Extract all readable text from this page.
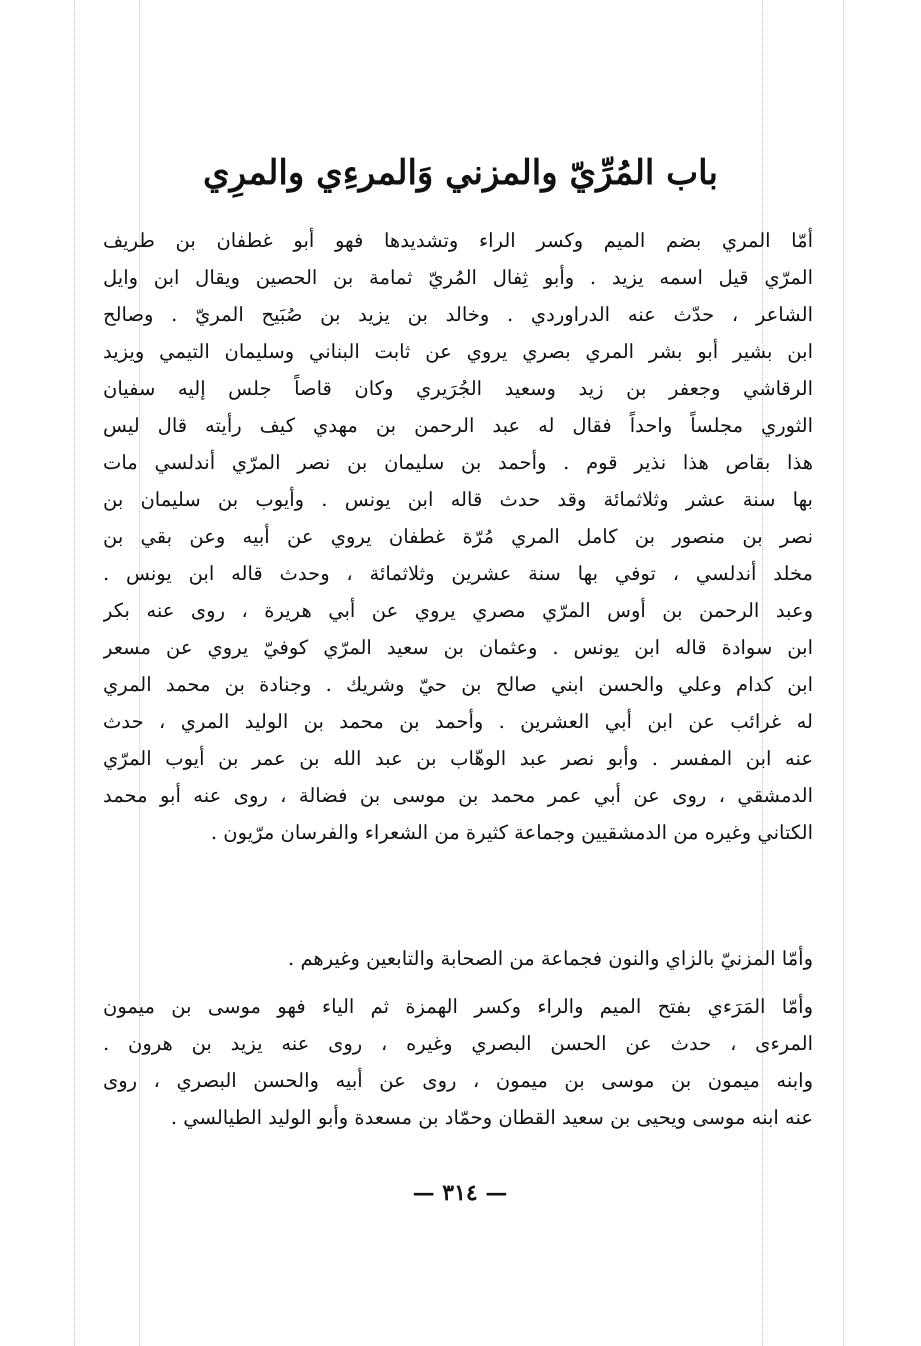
باب المُرِّيّ والمزني وَالمرءِي والمرِي
أمّا المري بضم الميم وكسر الراء وتشديدها فهو أبو غطفان بن طريف
المرّي قيل اسمه يزيد . وأبو ثِفال المُريّ ثمامة بن الحصين ويقال ابن وايل
الشاعر ، حدّث عنه الدراوردي . وخالد بن يزيد بن صُبَيح المريّ . وصالح
ابن بشير أبو بشر المري بصري يروي عن ثابت البناني وسليمان التيمي ويزيد
الرقاشي وجعفر بن زيد وسعيد الجُرَيري وكان قاصاً جلس إليه سفيان
الثوري مجلساً واحداً فقال له عبد الرحمن بن مهدي كيف رأيته قال ليس
هذا بقاص هذا نذير قوم . وأحمد بن سليمان بن نصر المرّي أندلسي مات
بها سنة عشر وثلاثمائة وقد حدث قاله ابن يونس . وأيوب بن سليمان بن
نصر بن منصور بن كامل المري مُرّة غطفان يروي عن أبيه وعن بقي بن
مخلد أندلسي ، توفي بها سنة عشرين وثلاثمائة ، وحدث قاله ابن يونس .
وعبد الرحمن بن أوس المرّي مصري يروي عن أبي هريرة ، روى عنه بكر
ابن سوادة قاله ابن يونس . وعثمان بن سعيد المرّي كوفيّ يروي عن مسعر
ابن كدام وعلي والحسن ابني صالح بن حيّ وشريك . وجنادة بن محمد المري
له غرائب عن ابن أبي العشرين . وأحمد بن محمد بن الوليد المري ، حدث
عنه ابن المفسر . وأبو نصر عبد الوهّاب بن عبد الله بن عمر بن أيوب المرّي
الدمشقي ، روى عن أبي عمر محمد بن موسى بن فضالة ، روى عنه أبو محمد
الكتاني وغيره من الدمشقيين وجماعة كثيرة من الشعراء والفرسان مرّيون .
وأمّا المزنيّ بالزاي والنون فجماعة من الصحابة والتابعين وغيرهم .
وأمّا المَرَءي بفتح الميم والراء وكسر الهمزة ثم الياء فهو موسى بن ميمون
المرءى ، حدث عن الحسن البصري وغيره ، روى عنه يزيد بن هرون .
وابنه ميمون بن موسى بن ميمون ، روى عن أبيه والحسن البصري ، روى
عنه ابنه موسى ويحيى بن سعيد القطان وحمّاد بن مسعدة وأبو الوليد الطيالسي .
— ٣١٤ —
